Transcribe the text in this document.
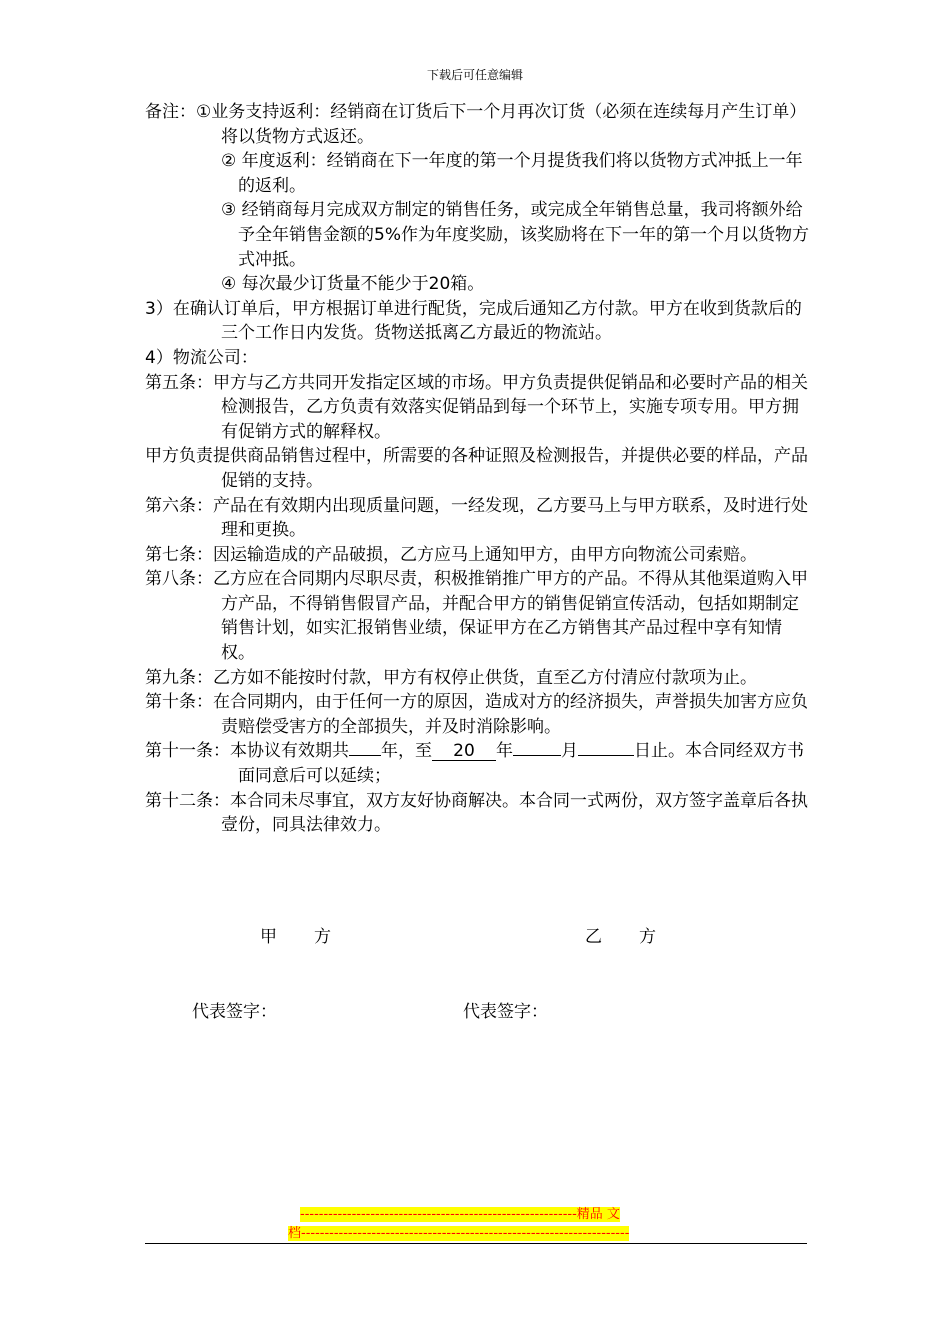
下载后可任意编辑

备注：①业务支持返利：经销商在订货后下一个月再次订货（必须在连续每月产生订单）将以货物方式返还。

② 年度返利：经销商在下一年度的第一个月提货我们将以货物方式冲抵上一年的返利。

③ 经销商每月完成双方制定的销售任务，或完成全年销售总量，我司将额外给予全年销售金额的5%作为年度奖励，该奖励将在下一年的第一个月以货物方式冲抵。

④ 每次最少订货量不能少于20箱。

3）在确认订单后，甲方根据订单进行配货，完成后通知乙方付款。甲方在收到货款后的三个工作日内发货。货物送抵离乙方最近的物流站。

4）物流公司：

第五条：甲方与乙方共同开发指定区域的市场。甲方负责提供促销品和必要时产品的相关检测报告，乙方负责有效落实促销品到每一个环节上，实施专项专用。甲方拥有促销方式的解释权。

甲方负责提供商品销售过程中，所需要的各种证照及检测报告，并提供必要的样品，产品促销的支持。

第六条：产品在有效期内出现质量问题，一经发现，乙方要马上与甲方联系，及时进行处理和更换。

第七条：因运输造成的产品破损，乙方应马上通知甲方，由甲方向物流公司索赔。

第八条：乙方应在合同期内尽职尽责，积极推销推广甲方的产品。不得从其他渠道购入甲方产品，不得销售假冒产品，并配合甲方的销售促销宣传活动，包括如期制定销售计划，如实汇报销售业绩，保证甲方在乙方销售其产品过程中享有知情权。

第九条：乙方如不能按时付款，甲方有权停止供货，直至乙方付清应付款项为止。

第十条：在合同期内，由于任何一方的原因，造成对方的经济损失，声誉损失加害方应负责赔偿受害方的全部损失，并及时消除影响。

第十一条：本协议有效期共 年，至 20 年	月	日止。本合同经双方书面同意后可以延续；

第十二条：本合同未尽事宜，双方友好协商解决。本合同一式两份，双方签字盖章后各执壹份，同具法律效力。

甲方	乙方
代表签字：	代表签字：
-----------------------------------------------------------精品 文
档----------------------------------------------------------------------
